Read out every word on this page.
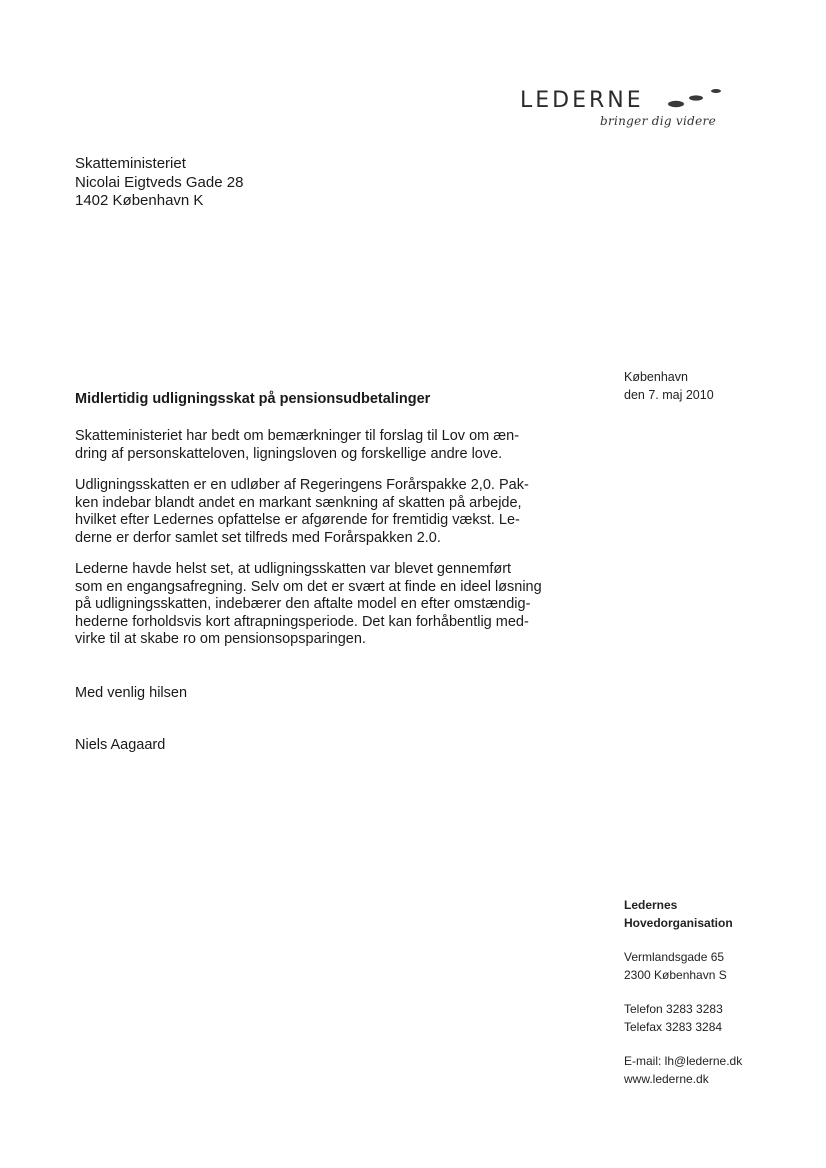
LEDERNE
bringer dig videre
Skatteministeriet
Nicolai Eigtveds Gade 28
1402 København K
København
den 7. maj 2010
Midlertidig udligningsskat på pensionsudbetalinger

Skatteministeriet har bedt om bemærkninger til forslag til Lov om æn-
dring af personskatteloven, ligningsloven og forskellige andre love.

Udligningsskatten er en udløber af Regeringens Forårspakke 2,0. Pak-
ken indebar blandt andet en markant sænkning af skatten på arbejde,
hvilket efter Ledernes opfattelse er afgørende for fremtidig vækst. Le-
derne er derfor samlet set tilfreds med Forårspakken 2.0.

Lederne havde helst set, at udligningsskatten var blevet gennemført
som en engangsafregning. Selv om det er svært at finde en ideel løsning
på udligningsskatten, indebærer den aftalte model en efter omstændig-
hederne forholdsvis kort aftrapningsperiode. Det kan forhåbentlig med-
virke til at skabe ro om pensionsopsparingen.

Med venlig hilsen
Niels Aagaard
Ledernes
Hovedorganisation
Vermlandsgade 65
2300 København S
Telefon 3283 3283
Telefax 3283 3284
E-mail: lh@lederne.dk
www.lederne.dk
